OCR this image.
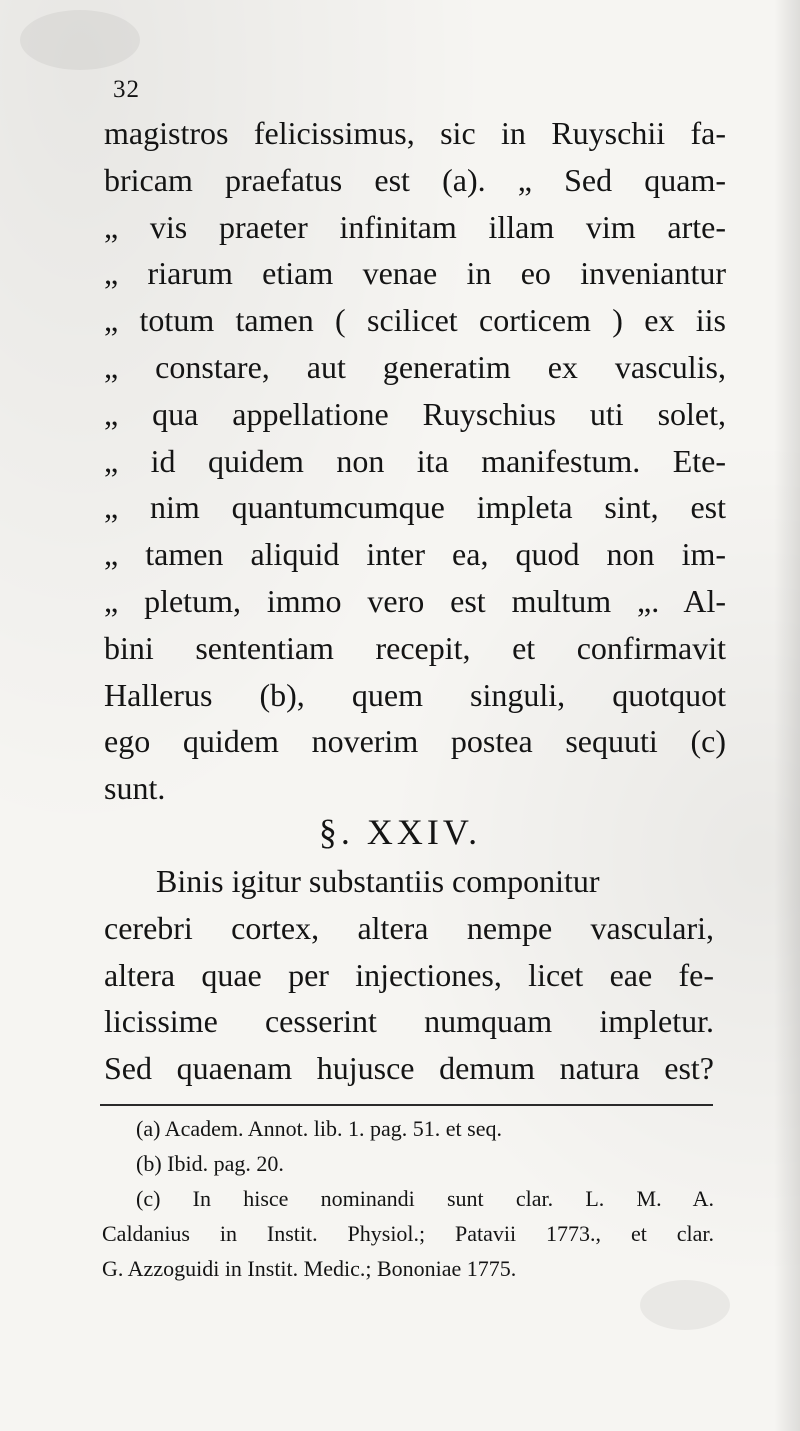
32
magistros felicissimus, sic in Ruyschii fa-
bricam praefatus est (a). „ Sed quam-
„ vis praeter infinitam illam vim arte-
„ riarum etiam venae in eo inveniantur
„ totum tamen ( scilicet corticem ) ex iis
„ constare, aut generatim ex vasculis,
„ qua appellatione Ruyschius uti solet,
„ id quidem non ita manifestum. Ete-
„ nim quantumcumque impleta sint, est
„ tamen aliquid inter ea, quod non im-
„ pletum, immo vero est multum „. Al-
bini sententiam recepit, et confirmavit
Hallerus (b), quem singuli, quotquot
ego quidem noverim postea sequuti (c)
sunt.
§. XXIV.
Binis igitur substantiis componitur
cerebri cortex, altera nempe vasculari,
altera quae per injectiones, licet eae fe-
licissime cesserint numquam impletur.
Sed quaenam hujusce demum natura est?
(a) Academ. Annot. lib. 1. pag. 51. et seq.
(b) Ibid. pag. 20.
(c) In hisce nominandi sunt clar. L. M. A.
Caldanius in Instit. Physiol.; Patavii 1773., et clar.
G. Azzoguidi in Instit. Medic.; Bononiae 1775.
